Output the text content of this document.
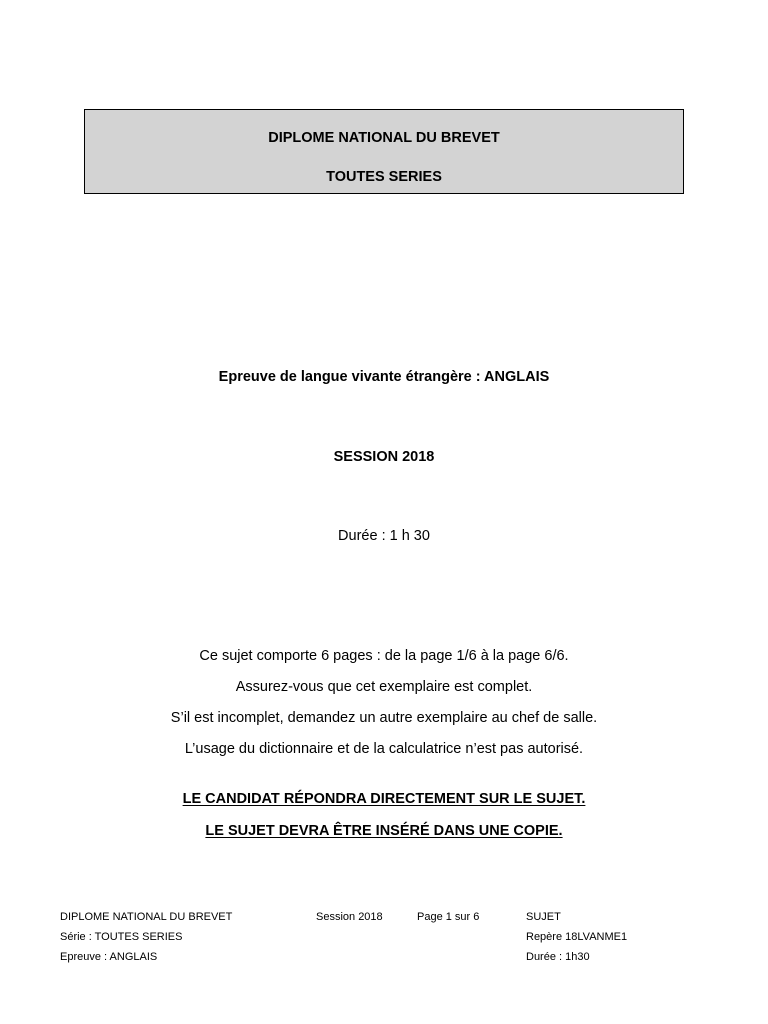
DIPLOME NATIONAL DU BREVET
TOUTES SERIES
Epreuve de langue vivante étrangère : ANGLAIS
SESSION 2018
Durée : 1 h 30
Ce sujet comporte 6 pages : de la page 1/6 à la page 6/6.
Assurez-vous que cet exemplaire est complet.
S’il est incomplet, demandez un autre exemplaire au chef de salle.
L’usage du dictionnaire et de la calculatrice n’est pas autorisé.
LE CANDIDAT RÉPONDRA DIRECTEMENT SUR LE SUJET.
LE SUJET DEVRA ÊTRE INSÉRÉ DANS UNE COPIE.
DIPLOME NATIONAL DU BREVET
Série : TOUTES SERIES
Epreuve : ANGLAIS
Session 2018	Page 1 sur 6	SUJET
Repère 18LVANME1
Durée : 1h30
